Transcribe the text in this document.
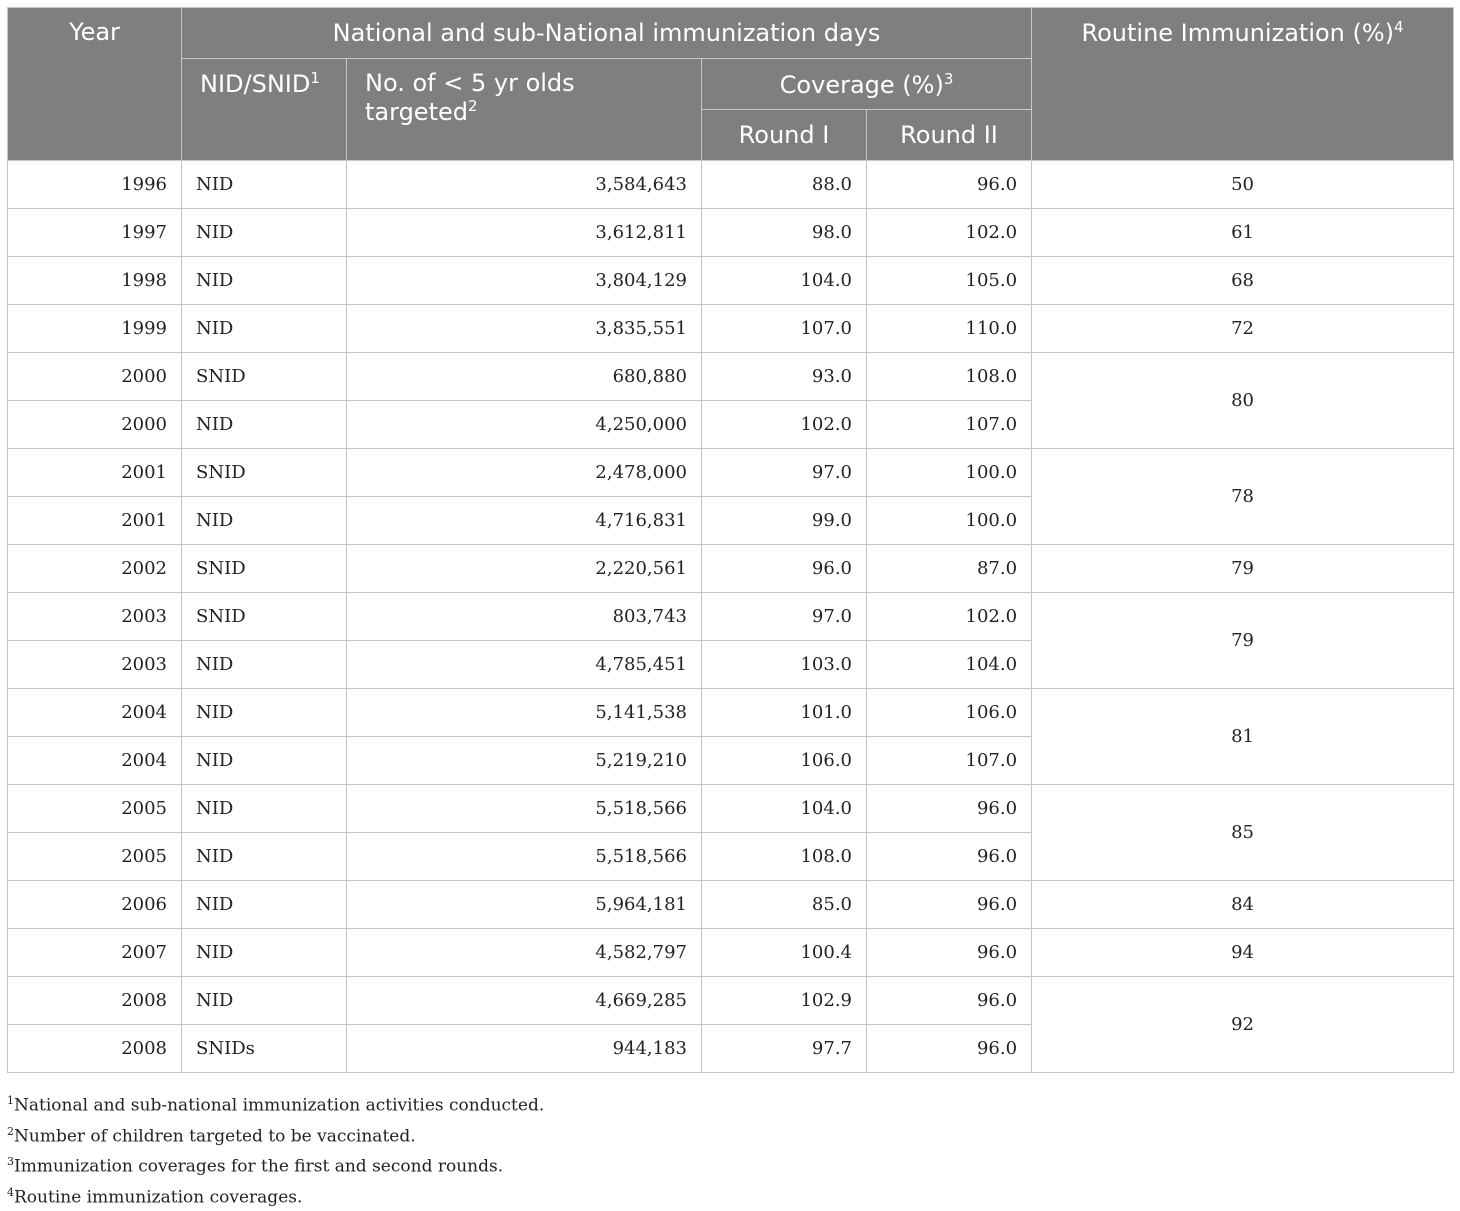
Year	National and sub-National immunization days				Routine Immunization (%)$^4$
	NID/SNID$^1$	No. of < 5 yr olds targeted$^2$	Coverage (%)$^3$
			Round I	Round II	
1996	NID	3,584,643	88.0	96.0	50
1997	NID	3,612,811	98.0	102.0	61
1998	NID	3,804,129	104.0	105.0	68
1999	NID	3,835,551	107.0	110.0	72
2000	SNID	680,880	93.0	108.0	80
2000	NID	4,250,000	102.0	107.0	
2001	SNID	2,478,000	97.0	100.0	78
2001	NID	4,716,831	99.0	100.0	
2002	SNID	2,220,561	96.0	87.0	79
2003	SNID	803,743	97.0	102.0	79
2003	NID	4,785,451	103.0	104.0	
2004	NID	5,141,538	101.0	106.0	81
2004	NID	5,219,210	106.0	107.0	
2005	NID	5,518,566	104.0	96.0	85
2005	NID	5,518,566	108.0	96.0	
2006	NID	5,964,181	85.0	96.0	84
2007	NID	4,582,797	100.4	96.0	94
2008	NID	4,669,285	102.9	96.0	92
2008	SNIDs	944,183	97.7	96.0	

$^1$National and sub-national immunization activities conducted.

$^2$Number of children targeted to be vaccinated.

$^3$Immunization coverages for the first and second rounds.

$^4$Routine immunization coverages.
